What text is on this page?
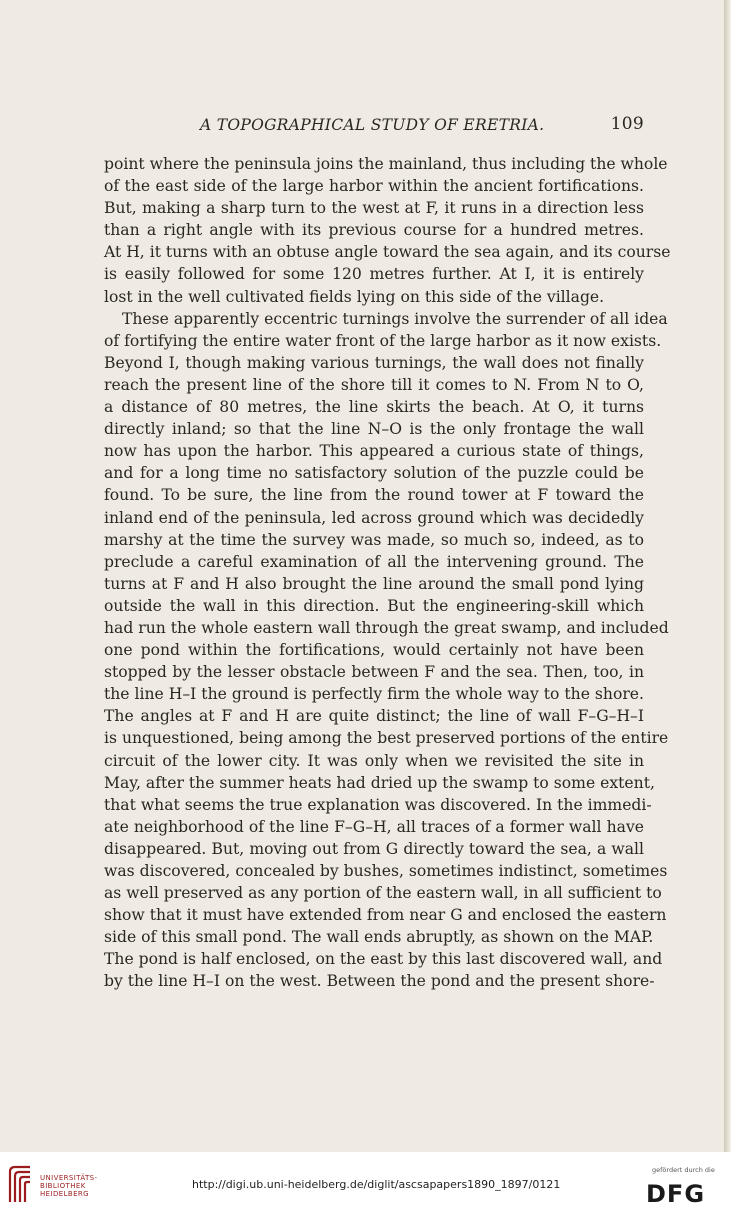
A TOPOGRAPHICAL STUDY OF ERETRIA.	109
point where the peninsula joins the mainland, thus including the whole
of the east side of the large harbor within the ancient fortifications.
But, making a sharp turn to the west at F, it runs in a direction less
than a right angle with its previous course for a hundred metres.
At H, it turns with an obtuse angle toward the sea again, and its course
is easily followed for some 120 metres further. At I, it is entirely
lost in the well cultivated fields lying on this side of the village.
These apparently eccentric turnings involve the surrender of all idea
of fortifying the entire water front of the large harbor as it now exists.
Beyond I, though making various turnings, the wall does not finally
reach the present line of the shore till it comes to N. From N to O,
a distance of 80 metres, the line skirts the beach. At O, it turns
directly inland; so that the line N–O is the only frontage the wall
now has upon the harbor. This appeared a curious state of things,
and for a long time no satisfactory solution of the puzzle could be
found. To be sure, the line from the round tower at F toward the
inland end of the peninsula, led across ground which was decidedly
marshy at the time the survey was made, so much so, indeed, as to
preclude a careful examination of all the intervening ground. The
turns at F and H also brought the line around the small pond lying
outside the wall in this direction. But the engineering-skill which
had run the whole eastern wall through the great swamp, and included
one pond within the fortifications, would certainly not have been
stopped by the lesser obstacle between F and the sea. Then, too, in
the line H–I the ground is perfectly firm the whole way to the shore.
The angles at F and H are quite distinct; the line of wall F–G–H–I
is unquestioned, being among the best preserved portions of the entire
circuit of the lower city. It was only when we revisited the site in
May, after the summer heats had dried up the swamp to some extent,
that what seems the true explanation was discovered. In the immedi-
ate neighborhood of the line F–G–H, all traces of a former wall have
disappeared. But, moving out from G directly toward the sea, a wall
was discovered, concealed by bushes, sometimes indistinct, sometimes
as well preserved as any portion of the eastern wall, in all sufficient to
show that it must have extended from near G and enclosed the eastern
side of this small pond. The wall ends abruptly, as shown on the MAP.
The pond is half enclosed, on the east by this last discovered wall, and
by the line H–I on the west. Between the pond and the present shore-
UNIVERSITÄTS-
BIBLIOTHEK
HEIDELBERG
http://digi.ub.uni-heidelberg.de/diglit/ascsapapers1890_1897/0121
gefördert durch die
DFG
